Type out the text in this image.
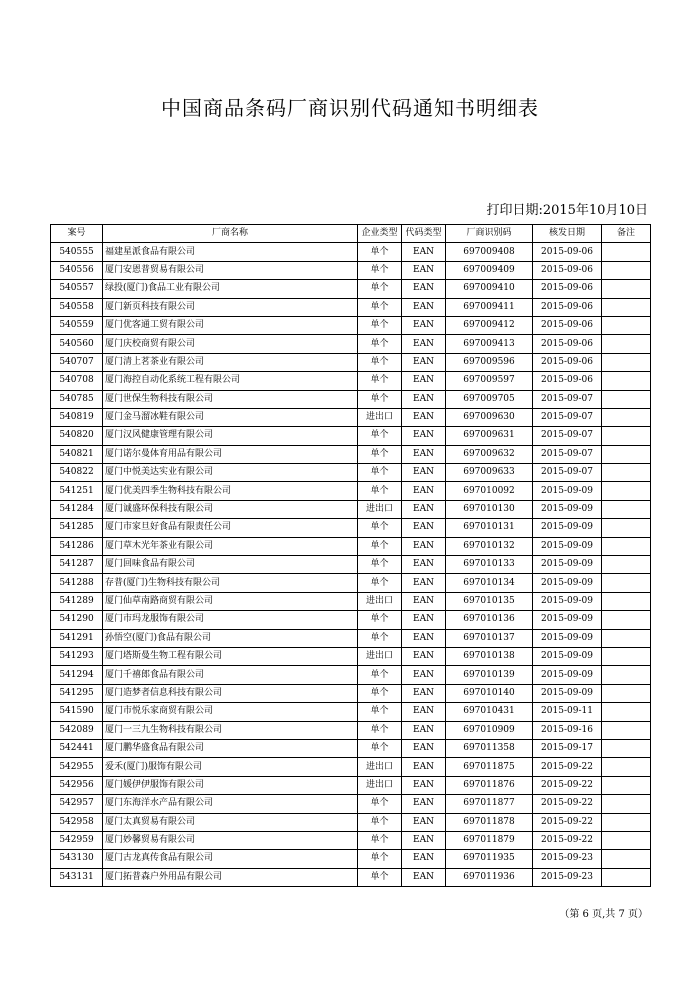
中国商品条码厂商识别代码通知书明细表
打印日期:2015年10月10日
案号	厂商名称	企业类型	代码类型	厂商识别码	核发日期	备注
540555	福建星派食品有限公司	单个	EAN	697009408	2015-09-06	
540556	厦门安恩普贸易有限公司	单个	EAN	697009409	2015-09-06	
540557	绿投(厦门)食品工业有限公司	单个	EAN	697009410	2015-09-06	
540558	厦门新页科技有限公司	单个	EAN	697009411	2015-09-06	
540559	厦门优客通工贸有限公司	单个	EAN	697009412	2015-09-06	
540560	厦门庆校商贸有限公司	单个	EAN	697009413	2015-09-06	
540707	厦门清上茗茶业有限公司	单个	EAN	697009596	2015-09-06	
540708	厦门海控自动化系统工程有限公司	单个	EAN	697009597	2015-09-06	
540785	厦门世保生物科技有限公司	单个	EAN	697009705	2015-09-07	
540819	厦门金马溜冰鞋有限公司	进出口	EAN	697009630	2015-09-07	
540820	厦门汉风健康管理有限公司	单个	EAN	697009631	2015-09-07	
540821	厦门诺尔曼体育用品有限公司	单个	EAN	697009632	2015-09-07	
540822	厦门中悦美达实业有限公司	单个	EAN	697009633	2015-09-07	
541251	厦门优美四季生物科技有限公司	单个	EAN	697010092	2015-09-09	
541284	厦门诚盛环保科技有限公司	进出口	EAN	697010130	2015-09-09	
541285	厦门市家旦好食品有限责任公司	单个	EAN	697010131	2015-09-09	
541286	厦门草木光年茶业有限公司	单个	EAN	697010132	2015-09-09	
541287	厦门回味食品有限公司	单个	EAN	697010133	2015-09-09	
541288	存普(厦门)生物科技有限公司	单个	EAN	697010134	2015-09-09	
541289	厦门仙草南路商贸有限公司	进出口	EAN	697010135	2015-09-09	
541290	厦门市玛龙服饰有限公司	单个	EAN	697010136	2015-09-09	
541291	孙悟空(厦门)食品有限公司	单个	EAN	697010137	2015-09-09	
541293	厦门塔斯曼生物工程有限公司	进出口	EAN	697010138	2015-09-09	
541294	厦门千禧郎食品有限公司	单个	EAN	697010139	2015-09-09	
541295	厦门造梦者信息科技有限公司	单个	EAN	697010140	2015-09-09	
541590	厦门市悦乐家商贸有限公司	单个	EAN	697010431	2015-09-11	
542089	厦门一三九生物科技有限公司	单个	EAN	697010909	2015-09-16	
542441	厦门鹏华盛食品有限公司	单个	EAN	697011358	2015-09-17	
542955	爱禾(厦门)服饰有限公司	进出口	EAN	697011875	2015-09-22	
542956	厦门媛伊伊服饰有限公司	进出口	EAN	697011876	2015-09-22	
542957	厦门东海洋水产品有限公司	单个	EAN	697011877	2015-09-22	
542958	厦门太真贸易有限公司	单个	EAN	697011878	2015-09-22	
542959	厦门妙馨贸易有限公司	单个	EAN	697011879	2015-09-22	
543130	厦门古龙真传食品有限公司	单个	EAN	697011935	2015-09-23	
543131	厦门拓普森户外用品有限公司	单个	EAN	697011936	2015-09-23	
（第 6 页,共 7 页）
